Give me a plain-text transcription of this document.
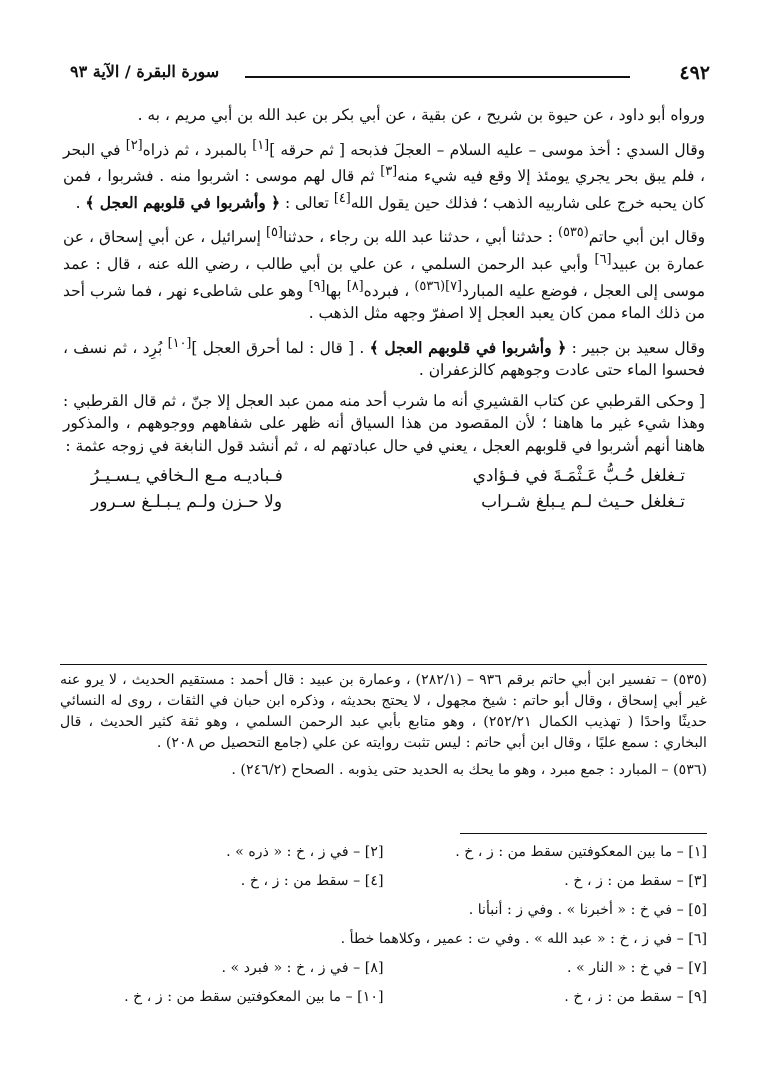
٤٩٢
سورة البقرة / الآية ٩٣

ورواه أبو داود ، عن حيوة بن شريح ، عن بقية ، عن أبي بكر بن عبد الله بن أبي مريم ، به .

وقال السدي : أخذ موسى – عليه السلام – العجلَ فذبحه [ ثم حرقه ][١] بالمبرد ، ثم ذراه[٢] في البحر ، فلم يبق بحر يجري يومئذ إلا وقع فيه شيء منه[٣] ثم قال لهم موسى : اشربوا منه . فشربوا ، فمن كان يحبه خرج على شاربيه الذهب ؛ فذلك حين يقول الله[٤] تعالى : ﴿ وأشربوا في قلوبهم العجل ﴾ .

وقال ابن أبي حاتم$^{(٥٣٥)}$ : حدثنا أبي ، حدثنا عبد الله بن رجاء ، حدثنا[٥] إسرائيل ، عن أبي إسحاق ، عن عمارة بن عبيد[٦] وأبي عبد الرحمن السلمي ، عن علي بن أبي طالب ، رضي الله عنه ، قال : عمد موسى إلى العجل ، فوضع عليه المبارد$^{[٧](٥٣٦)}$ ، فبرده[٨] بها[٩] وهو على شاطىء نهر ، فما شرب أحد من ذلك الماء ممن كان يعبد العجل إلا اصفرّ وجهه مثل الذهب .

وقال سعيد بن جبير : ﴿ وأشربوا في قلوبهم العجل ﴾ . [ قال : لما أحرق العجل ][١٠] بُرِد ، ثم نسف ، فحسوا الماء حتى عادت وجوههم كالزعفران .

[ وحكى القرطبي عن كتاب القشيري أنه ما شرب أحد منه ممن عبد العجل إلا جنّ ، ثم قال القرطبي : وهذا شيء غير ما هاهنا ؛ لأن المقصود من هذا السياق أنه ظهر على شفاههم ووجوههم ، والمذكور هاهنا أنهم أشربوا في قلوبهم العجل ، يعني في حال عبادتهم له ، ثم أنشد قول النابغة في زوجه عثمة :

تـغلغل حُـبُّ عَـثْمَـةَ في فـؤادي
فـباديـه مـع الـخافي يـسـيـرُ
تـغلغل حـيث لـم يـبلغ شـراب
ولا حـزن ولـم يـبـلـغ سـرور

(٥٣٥) – تفسير ابن أبي حاتم برقم ٩٣٦ – (٢٨٢/١) ، وعمارة بن عبيد : قال أحمد : مستقيم الحديث ، لا يرو عنه غير أبي إسحاق ، وقال أبو حاتم : شيخ مجهول ، لا يحتج بحديثه ، وذكره ابن حبان في الثقات ، روى له النسائي حديثًا واحدًا ( تهذيب الكمال ٢٥٢/٢١) ، وهو متابع بأبي عبد الرحمن السلمي ، وهو ثقة كثير الحديث ، قال البخاري : سمع عليًا ، وقال ابن أبي حاتم : ليس تثبت روايته عن علي (جامع التحصيل ص ٢٠٨) .

(٥٣٦) – المبارد : جمع مبرد ، وهو ما يحك به الحديد حتى يذوبه . الصحاح (٢٤٦/٢) .

[١] – ما بين المعكوفتين سقط من : ز ، خ .
[٢] – في ز ، خ : « ذره » .
[٣] – سقط من : ز ، خ .
[٤] – سقط من : ز ، خ .
[٥] – في خ : « أخبرنا » . وفي ز : أنبأنا .
[٦] – في ز ، خ : « عبد الله » . وفي ت : عمير ، وكلاهما خطأ .
[٧] – في خ : « النار » .
[٨] – في ز ، خ : « فبرد » .
[٩] – سقط من : ز ، خ .
[١٠] – ما بين المعكوفتين سقط من : ز ، خ .
